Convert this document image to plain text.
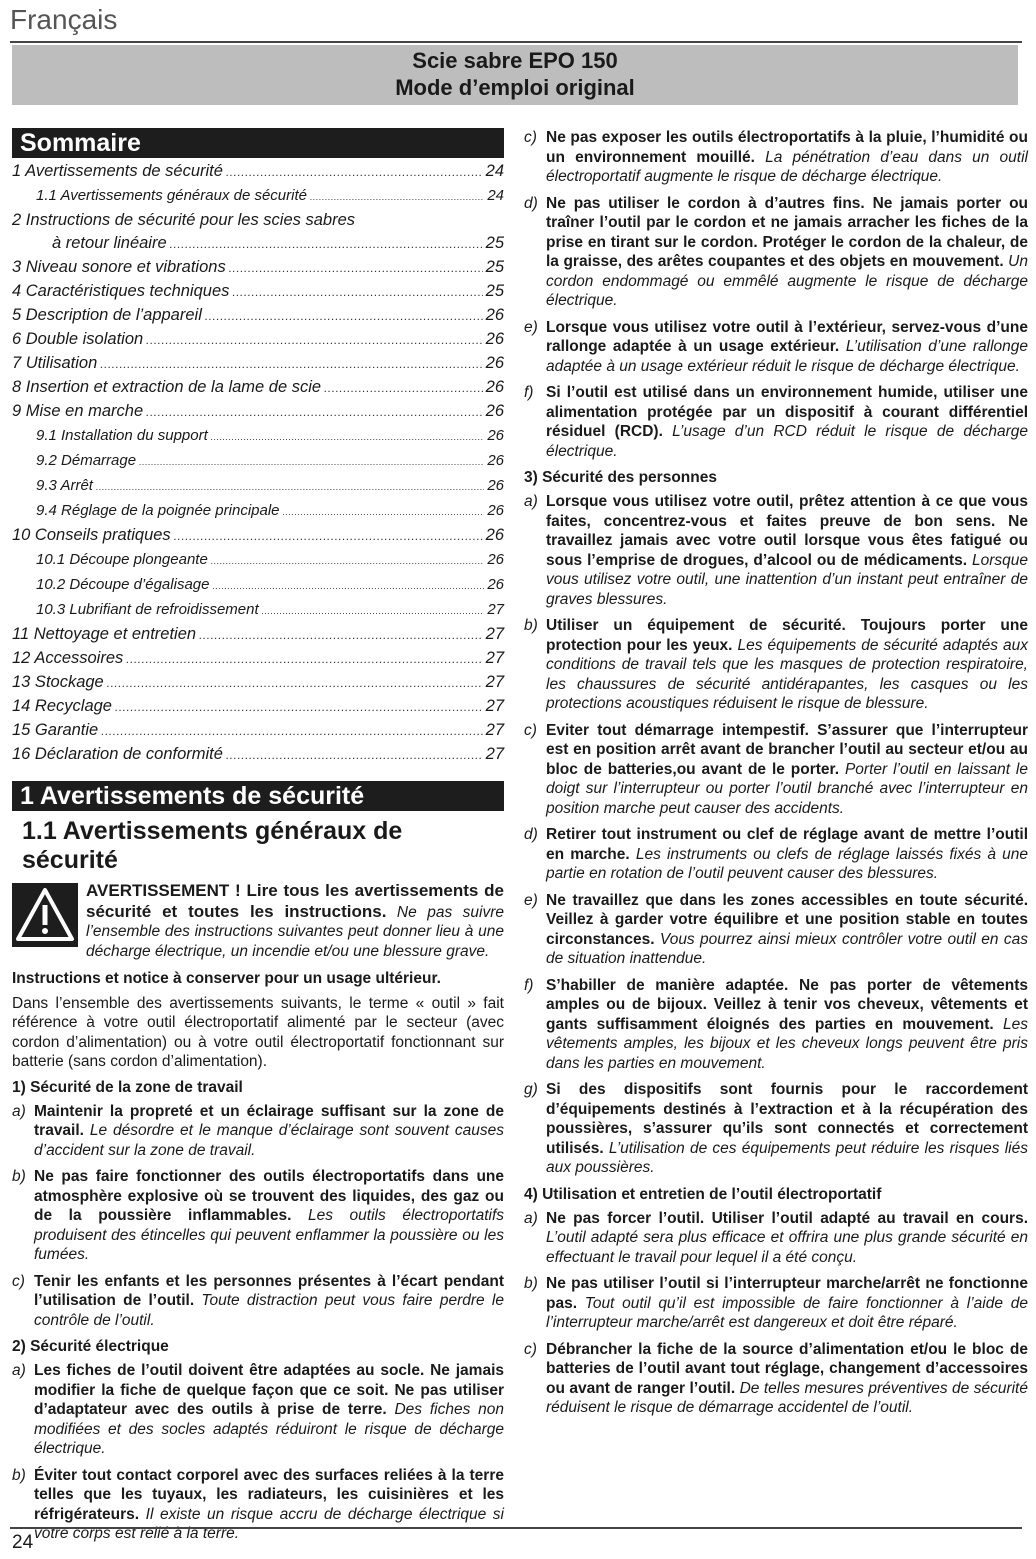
Français
Scie sabre EPO 150
Mode d’emploi original
Sommaire
1 Avertissements de sécurité .....	24
1.1 Avertissements généraux de sécurité .....	24
2 Instructions de sécurité pour les scies sabres
à retour linéaire .....	25
3 Niveau sonore et vibrations .....	25
4 Caractéristiques techniques .....	25
5 Description de l’appareil .....	26
6 Double isolation .....	26
7 Utilisation .....	26
8 Insertion et extraction de la lame de scie .....	26
9 Mise en marche .....	26
9.1 Installation du support .....	26
9.2 Démarrage .....	26
9.3 Arrêt .....	26
9.4 Réglage de la poignée principale .....	26
10 Conseils pratiques .....	26
10.1 Découpe plongeante .....	26
10.2 Découpe d’égalisage .....	26
10.3 Lubrifiant de refroidissement .....	27
11 Nettoyage et entretien .....	27
12 Accessoires .....	27
13 Stockage .....	27
14 Recyclage .....	27
15 Garantie .....	27
16 Déclaration de conformité .....	27
1 Avertissements de sécurité
1.1 Avertissements généraux de sécurité
AVERTISSEMENT ! Lire tous les avertissements de sécurité et toutes les instructions. Ne pas suivre l’ensemble des instructions suivantes peut donner lieu à une décharge électrique, un incendie et/ou une blessure grave.

Instructions et notice à conserver pour un usage ultérieur.

Dans l’ensemble des avertissements suivants, le terme « outil » fait référence à votre outil électroportatif alimenté par le secteur (avec cordon d’alimentation) ou à votre outil électroportatif fonctionnant sur batterie (sans cordon d’alimentation).

1) Sécurité de la zone de travail
a) Maintenir la propreté et un éclairage suffisant sur la zone de travail. Le désordre et le manque d’éclairage sont souvent causes d’accident sur la zone de travail.
b) Ne pas faire fonctionner des outils électroportatifs dans une atmosphère explosive où se trouvent des liquides, des gaz ou de la poussière inflammables. Les outils électroportatifs produisent des étincelles qui peuvent enflammer la poussière ou les fumées.
c) Tenir les enfants et les personnes présentes à l’écart pendant l’utilisation de l’outil. Toute distraction peut vous faire perdre le contrôle de l’outil.
2) Sécurité électrique
a) Les fiches de l’outil doivent être adaptées au socle. Ne jamais modifier la fiche de quelque façon que ce soit. Ne pas utiliser d’adaptateur avec des outils à prise de terre. Des fiches non modifiées et des socles adaptés réduiront le risque de décharge électrique.
b) Éviter tout contact corporel avec des surfaces reliées à la terre telles que les tuyaux, les radiateurs, les cuisinières et les réfrigérateurs. Il existe un risque accru de décharge électrique si votre corps est relié à la terre.
c) Ne pas exposer les outils électroportatifs à la pluie, l’humidité ou un environnement mouillé. La pénétration d’eau dans un outil électroportatif augmente le risque de décharge électrique.
d) Ne pas utiliser le cordon à d’autres fins. Ne jamais porter ou traîner l’outil par le cordon et ne jamais arracher les fiches de la prise en tirant sur le cordon. Protéger le cordon de la chaleur, de la graisse, des arêtes coupantes et des objets en mouvement. Un cordon endommagé ou emmêlé augmente le risque de décharge électrique.
e) Lorsque vous utilisez votre outil à l’extérieur, servez-vous d’une rallonge adaptée à un usage extérieur. L’utilisation d’une rallonge adaptée à un usage extérieur réduit le risque de décharge électrique.
f) Si l’outil est utilisé dans un environnement humide, utiliser une alimentation protégée par un dispositif à courant différentiel résiduel (RCD). L’usage d’un RCD réduit le risque de décharge électrique.
3) Sécurité des personnes
a) Lorsque vous utilisez votre outil, prêtez attention à ce que vous faites, concentrez-vous et faites preuve de bon sens. Ne travaillez jamais avec votre outil lorsque vous êtes fatigué ou sous l’emprise de drogues, d’alcool ou de médicaments. Lorsque vous utilisez votre outil, une inattention d’un instant peut entraîner de graves blessures.
b) Utiliser un équipement de sécurité. Toujours porter une protection pour les yeux. Les équipements de sécurité adaptés aux conditions de travail tels que les masques de protection respiratoire, les chaussures de sécurité antidérapantes, les casques ou les protections acoustiques réduisent le risque de blessure.
c) Eviter tout démarrage intempestif. S’assurer que l’interrupteur est en position arrêt avant de brancher l’outil au secteur et/ou au bloc de batteries,ou avant de le porter. Porter l’outil en laissant le doigt sur l’interrupteur ou porter l’outil branché avec l’interrupteur en position marche peut causer des accidents.
d) Retirer tout instrument ou clef de réglage avant de mettre l’outil en marche. Les instruments ou clefs de réglage laissés fixés à une partie en rotation de l’outil peuvent causer des blessures.
e) Ne travaillez que dans les zones accessibles en toute sécurité. Veillez à garder votre équilibre et une position stable en toutes circonstances. Vous pourrez ainsi mieux contrôler votre outil en cas de situation inattendue.
f) S’habiller de manière adaptée. Ne pas porter de vêtements amples ou de bijoux. Veillez à tenir vos cheveux, vêtements et gants suffisamment éloignés des parties en mouvement. Les vêtements amples, les bijoux et les cheveux longs peuvent être pris dans les parties en mouvement.
g) Si des dispositifs sont fournis pour le raccordement d’équipements destinés à l’extraction et à la récupération des poussières, s’assurer qu’ils sont connectés et correctement utilisés. L’utilisation de ces équipements peut réduire les risques liés aux poussières.
4) Utilisation et entretien de l’outil électroportatif
a) Ne pas forcer l’outil. Utiliser l’outil adapté au travail en cours. L’outil adapté sera plus efficace et offrira une plus grande sécurité en effectuant le travail pour lequel il a été conçu.
b) Ne pas utiliser l’outil si l’interrupteur marche/arrêt ne fonctionne pas. Tout outil qu’il est impossible de faire fonctionner à l’aide de l’interrupteur marche/arrêt est dangereux et doit être réparé.
c) Débrancher la fiche de la source d’alimentation et/ou le bloc de batteries de l’outil avant tout réglage, changement d’accessoires ou avant de ranger l’outil. De telles mesures préventives de sécurité réduisent le risque de démarrage accidentel de l’outil.
24
